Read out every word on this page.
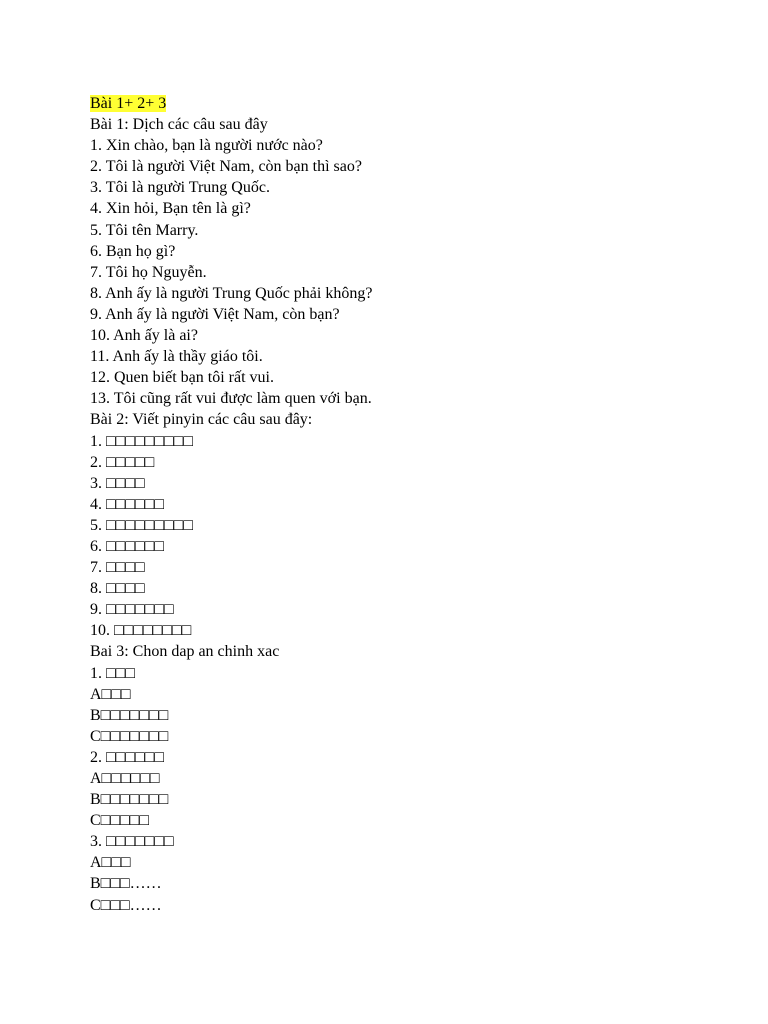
Bài 1+ 2+ 3
Bài 1: Dịch các câu sau đây
1. Xin chào, bạn là người nước nào?
2. Tôi là người Việt Nam, còn bạn thì sao?
3. Tôi là người Trung Quốc.
4. Xin hỏi, Bạn tên là gì?
5. Tôi tên Marry.
6. Bạn họ gì?
7. Tôi họ Nguyễn.
8. Anh ấy là người Trung Quốc phải không?
9. Anh ấy là người Việt Nam, còn bạn?
10. Anh ấy là ai?
11. Anh ấy là thầy giáo tôi.
12. Quen biết bạn tôi rất vui.
13. Tôi cũng rất vui được làm quen với bạn.
Bài 2: Viết pinyin các câu sau đây:
1. □□□□□□□□□
2. □□□□□
3. □□□□
4. □□□□□□
5. □□□□□□□□□
6. □□□□□□
7. □□□□
8. □□□□
9. □□□□□□□
10. □□□□□□□□
Bai 3: Chon dap an chinh xac
1. □□□
A□□□
B□□□□□□□
C□□□□□□□
2. □□□□□□
A□□□□□□
B□□□□□□□
C□□□□□
3. □□□□□□□
A□□□
B□□□……
C□□□……
